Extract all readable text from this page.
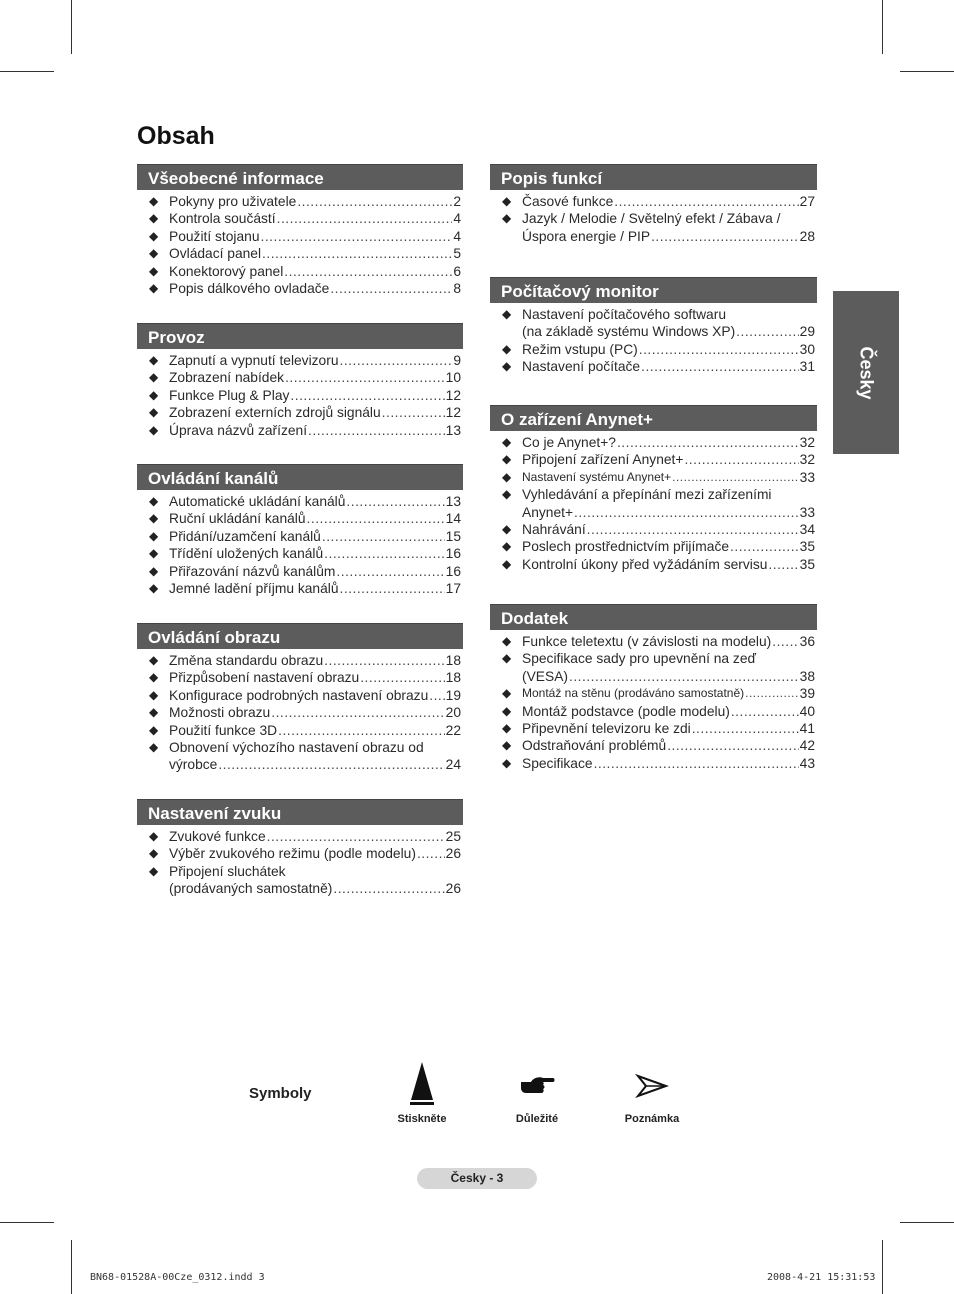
Obsah
Všeobecné informace
◆ Pokyny pro uživatele .....	2
◆ Kontrola součástí .....	4
◆ Použití stojanu .....	4
◆ Ovládací panel .....	5
◆ Konektorový panel .....	6
◆ Popis dálkového ovladače .....	8
Provoz
◆ Zapnutí a vypnutí televizoru .....	9
◆ Zobrazení nabídek .....	10
◆ Funkce Plug & Play .....	12
◆ Zobrazení externích zdrojů signálu .....	12
◆ Úprava názvů zařízení .....	13
Ovládání kanálů
◆ Automatické ukládání kanálů .....	13
◆ Ruční ukládání kanálů .....	14
◆ Přidání/uzamčení kanálů .....	15
◆ Třídění uložených kanálů .....	16
◆ Přiřazování názvů kanálům .....	16
◆ Jemné ladění příjmu kanálů .....	17
Ovládání obrazu
◆ Změna standardu obrazu .....	18
◆ Přizpůsobení nastavení obrazu .....	18
◆ Konfigurace podrobných nastavení obrazu ..... 19
◆ Možnosti obrazu .....	20
◆ Použití funkce 3D .....	22
◆ Obnovení výchozího nastavení obrazu od
výrobce .....	24
Nastavení zvuku
◆ Zvukové funkce .....	25
◆ Výběr zvukového režimu (podle modelu) ..... 26
◆ Připojení sluchátek
(prodávaných samostatně) .....	26
Popis funkcí
◆ Časové funkce .....	27
◆ Jazyk / Melodie / Světelný efekt / Zábava /
Úspora energie / PIP .....	28
Počítačový monitor
◆ Nastavení počítačového softwaru
(na základě systému Windows XP) .....	29
◆ Režim vstupu (PC) .....	30
◆ Nastavení počítače .....	31
O zařízení Anynet+
◆ Co je Anynet+? .....	32
◆ Připojení zařízení Anynet+ .....	32
◆ Nastavení systému Anynet+ .....	33
◆ Vyhledávání a přepínání mezi zařízeními
Anynet+ .....	33
◆ Nahrávání .....	34
◆ Poslech prostřednictvím přijímače .....	35
◆ Kontrolní úkony před vyžádáním servisu ..... 35
Dodatek
◆ Funkce teletextu (v závislosti na modelu) ..... 36
◆ Specifikace sady pro upevnění na zeď
(VESA) .....	38
◆ Montáž na stěnu (prodáváno samostatně) .....	39
◆ Montáž podstavce (podle modelu) .....	40
◆ Připevnění televizoru ke zdi .....	41
◆ Odstraňování problémů .....	42
◆ Specifikace .....	43
Česky
Symboly
Stiskněte	Důležité	Poznámka
Česky - 3
BN68-01528A-00Cze_0312.indd 3	2008-4-21 15:31:53
